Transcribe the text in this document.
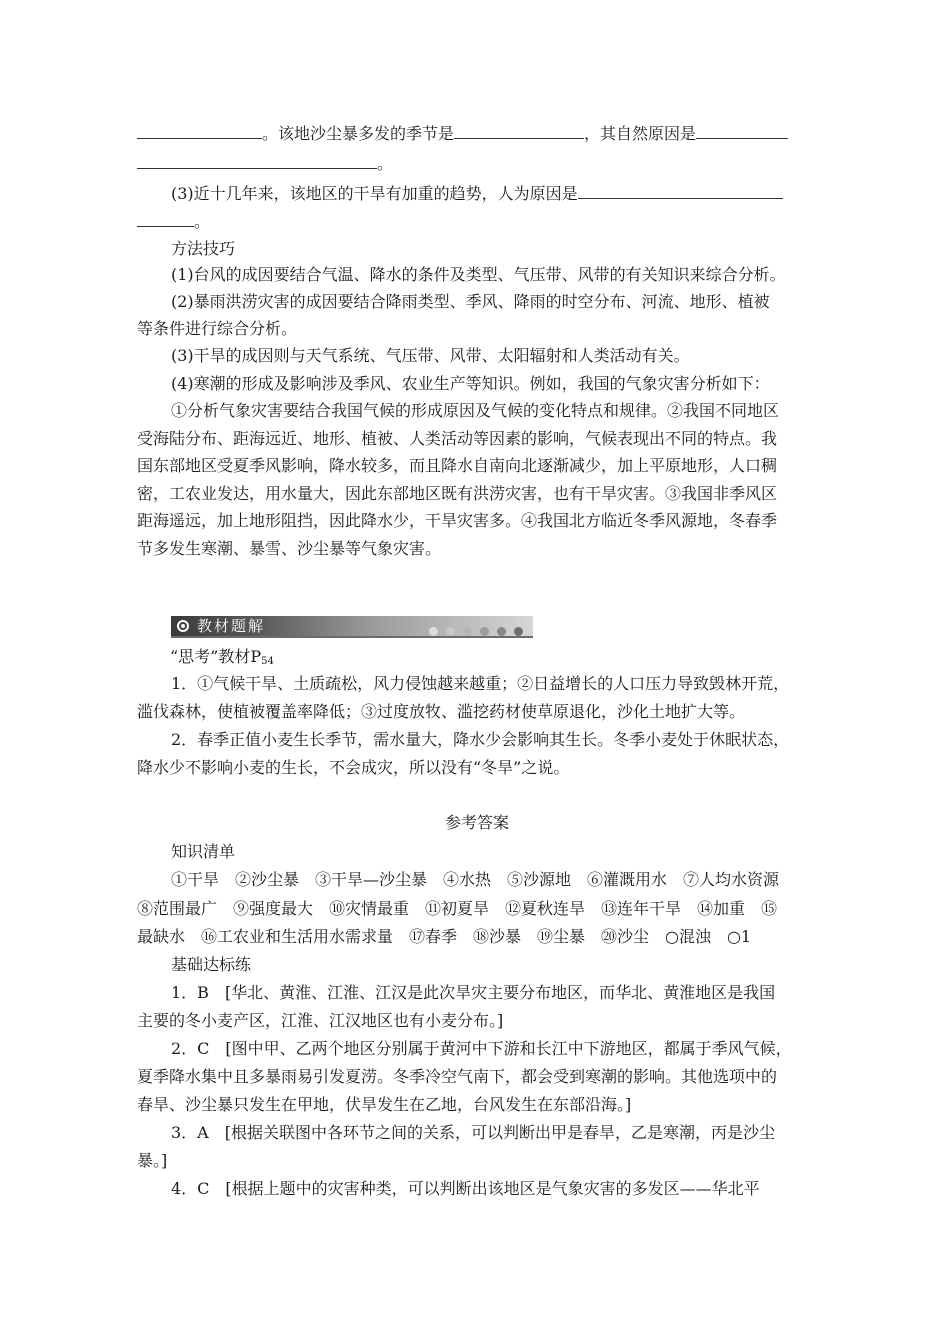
。该地沙尘暴多发的季节是	，其自然原因是
。
(3)近十几年来，该地区的干旱有加重的趋势，人为原因是
。
方法技巧
(1)台风的成因要结合气温、降水的条件及类型、气压带、风带的有关知识来综合分析。
(2)暴雨洪涝灾害的成因要结合降雨类型、季风、降雨的时空分布、河流、地形、植被
等条件进行综合分析。
(3)干旱的成因则与天气系统、气压带、风带、太阳辐射和人类活动有关。
(4)寒潮的形成及影响涉及季风、农业生产等知识。例如，我国的气象灾害分析如下：
①分析气象灾害要结合我国气候的形成原因及气候的变化特点和规律。②我国不同地区
受海陆分布、距海远近、地形、植被、人类活动等因素的影响，气候表现出不同的特点。我
国东部地区受夏季风影响，降水较多，而且降水自南向北逐渐减少，加上平原地形，人口稠
密，工农业发达，用水量大，因此东部地区既有洪涝灾害，也有干旱灾害。③我国非季风区
距海遥远，加上地形阻挡，因此降水少，干旱灾害多。④我国北方临近冬季风源地，冬春季
节多发生寒潮、暴雪、沙尘暴等气象灾害。
教材题解
“思考”教材$P_{54}$
1．①气候干旱、土质疏松，风力侵蚀越来越重；②日益增长的人口压力导致毁林开荒，
滥伐森林，使植被覆盖率降低；③过度放牧、滥挖药材使草原退化，沙化土地扩大等。
2．春季正值小麦生长季节，需水量大，降水少会影响其生长。冬季小麦处于休眠状态，
降水少不影响小麦的生长，不会成灾，所以没有“冬旱”之说。
参考答案
知识清单
①干旱　②沙尘暴　③干旱—沙尘暴　④水热　⑤沙源地　⑥灌溉用水　⑦人均水资源
⑧范围最广　⑨强度最大　⑩灾情最重　⑪初夏旱　⑫夏秋连旱　⑬连年干旱　⑭加重　⑮
最缺水　⑯工农业和生活用水需求量　⑰春季　⑱沙暴　⑲尘暴　⑳沙尘　○混浊　○1
基础达标练
1．B　[华北、黄淮、江淮、江汉是此次旱灾主要分布地区，而华北、黄淮地区是我国
主要的冬小麦产区，江淮、江汉地区也有小麦分布。]
2．C　[图中甲、乙两个地区分别属于黄河中下游和长江中下游地区，都属于季风气候，
夏季降水集中且多暴雨易引发夏涝。冬季冷空气南下，都会受到寒潮的影响。其他选项中的
春旱、沙尘暴只发生在甲地，伏旱发生在乙地，台风发生在东部沿海。]
3．A　[根据关联图中各环节之间的关系，可以判断出甲是春旱，乙是寒潮，丙是沙尘
暴。]
4．C　[根据上题中的灾害种类，可以判断出该地区是气象灾害的多发区——华北平
